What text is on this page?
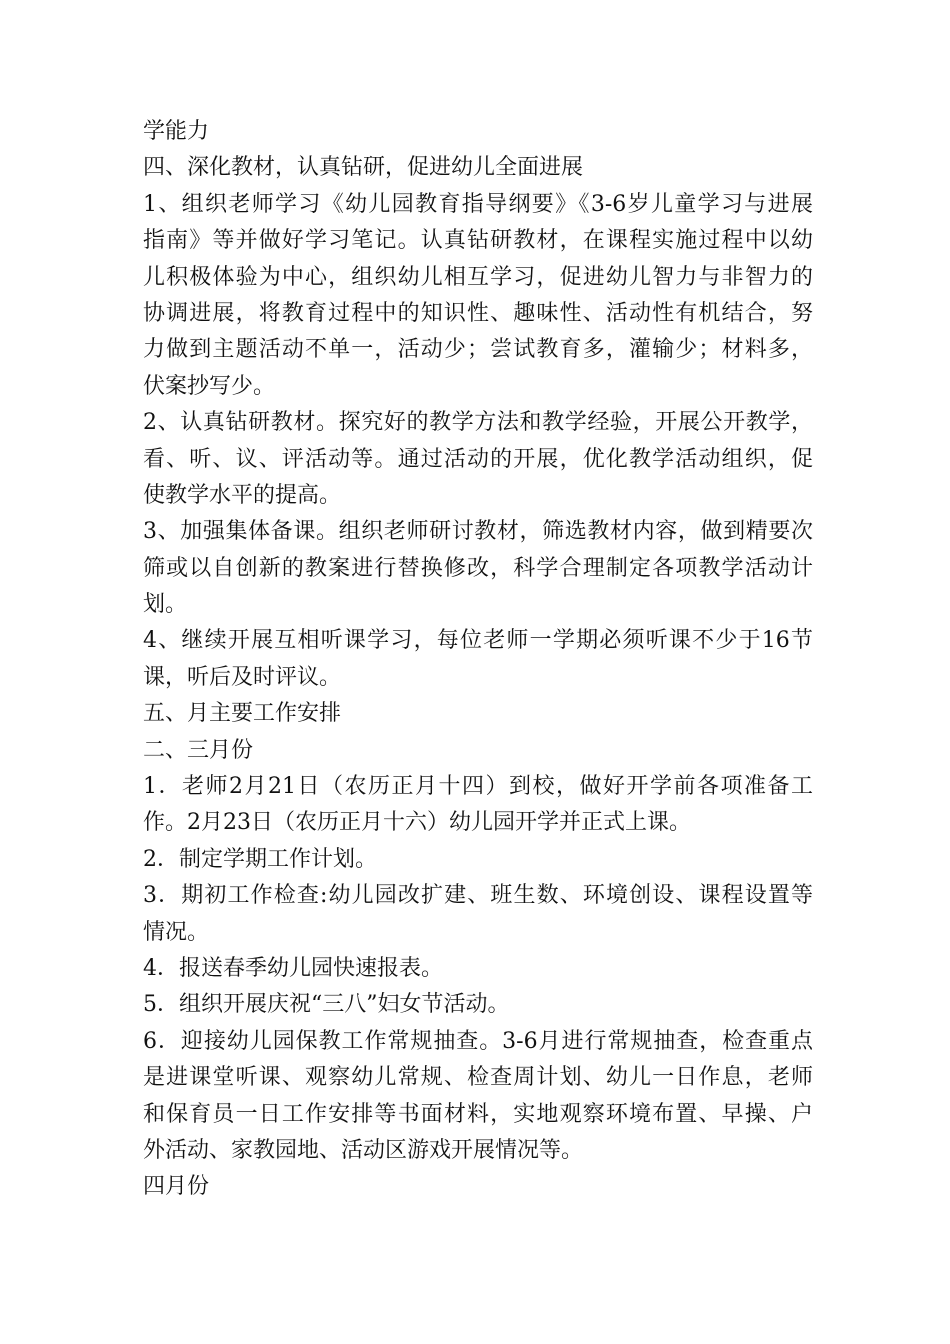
学能力
四、深化教材，认真钻研，促进幼儿全面进展
1、组织老师学习《幼儿园教育指导纲要》《3-6岁儿童学习与进展
指南》等并做好学习笔记。认真钻研教材，在课程实施过程中以幼
儿积极体验为中心，组织幼儿相互学习，促进幼儿智力与非智力的
协调进展，将教育过程中的知识性、趣味性、活动性有机结合，努
力做到主题活动不单一，活动少；尝试教育多，灌输少；材料多，
伏案抄写少。
2、认真钻研教材。探究好的教学方法和教学经验，开展公开教学，
看、听、议、评活动等。通过活动的开展，优化教学活动组织，促
使教学水平的提高。
3、加强集体备课。组织老师研讨教材，筛选教材内容，做到精要次
筛或以自创新的教案进行替换修改，科学合理制定各项教学活动计
划。
4、继续开展互相听课学习，每位老师一学期必须听课不少于16节
课，听后及时评议。
五、月主要工作安排
二、三月份
1．老师2月21日（农历正月十四）到校，做好开学前各项准备工
作。2月23日（农历正月十六）幼儿园开学并正式上课。
2．制定学期工作计划。
3．期初工作检查:幼儿园改扩建、班生数、环境创设、课程设置等
情况。
4．报送春季幼儿园快速报表。
5．组织开展庆祝“三八”妇女节活动。
6．迎接幼儿园保教工作常规抽查。3-6月进行常规抽查，检查重点
是进课堂听课、观察幼儿常规、检查周计划、幼儿一日作息，老师
和保育员一日工作安排等书面材料，实地观察环境布置、早操、户
外活动、家教园地、活动区游戏开展情况等。
四月份
